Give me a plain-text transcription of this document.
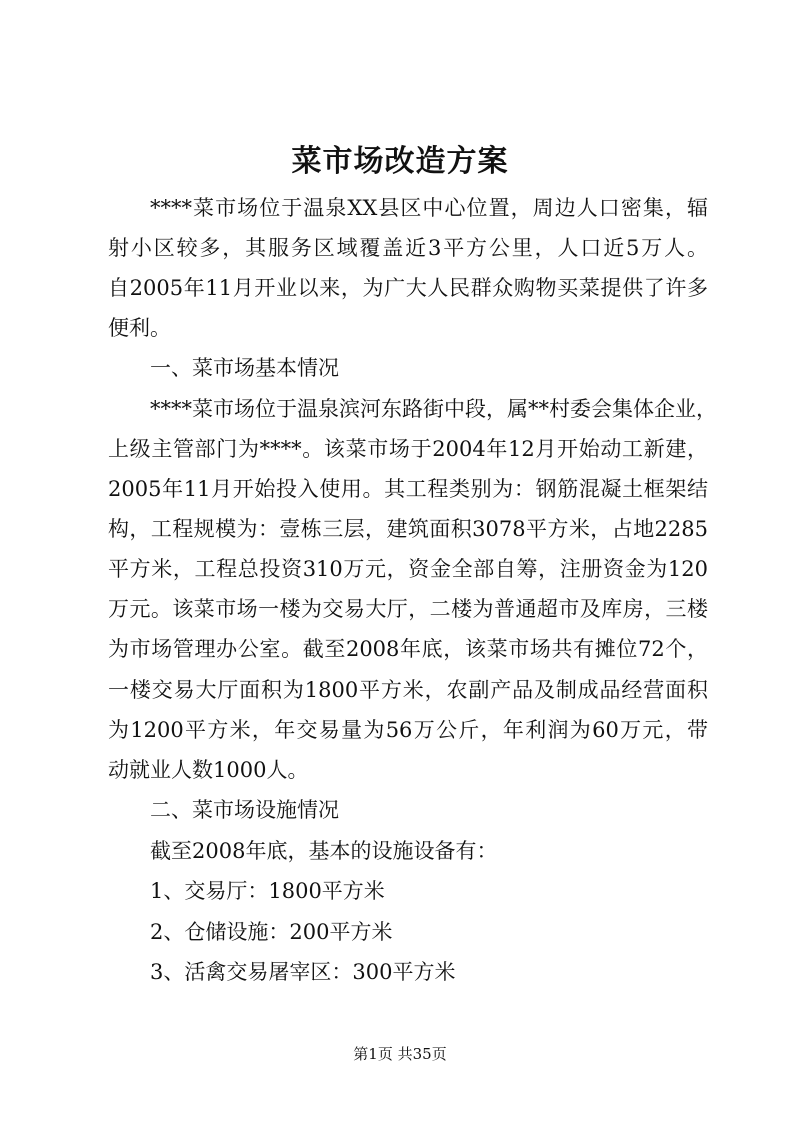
菜市场改造方案
****菜市场位于温泉XX县区中心位置，周边人口密集，辐
射小区较多，其服务区域覆盖近3平方公里，人口近5万人。
自2005年11月开业以来，为广大人民群众购物买菜提供了许多
便利。
一、菜市场基本情况
****菜市场位于温泉滨河东路街中段，属**村委会集体企业，
上级主管部门为****。该菜市场于2004年12月开始动工新建，
2005年11月开始投入使用。其工程类别为：钢筋混凝土框架结
构，工程规模为：壹栋三层，建筑面积3078平方米，占地2285
平方米，工程总投资310万元，资金全部自筹，注册资金为120
万元。该菜市场一楼为交易大厅，二楼为普通超市及库房，三楼
为市场管理办公室。截至2008年底，该菜市场共有摊位72个，
一楼交易大厅面积为1800平方米，农副产品及制成品经营面积
为1200平方米，年交易量为56万公斤，年利润为60万元，带
动就业人数1000人。
二、菜市场设施情况
截至2008年底，基本的设施设备有：
1、交易厅：1800平方米
2、仓储设施：200平方米
3、活禽交易屠宰区：300平方米
第1页 共35页
